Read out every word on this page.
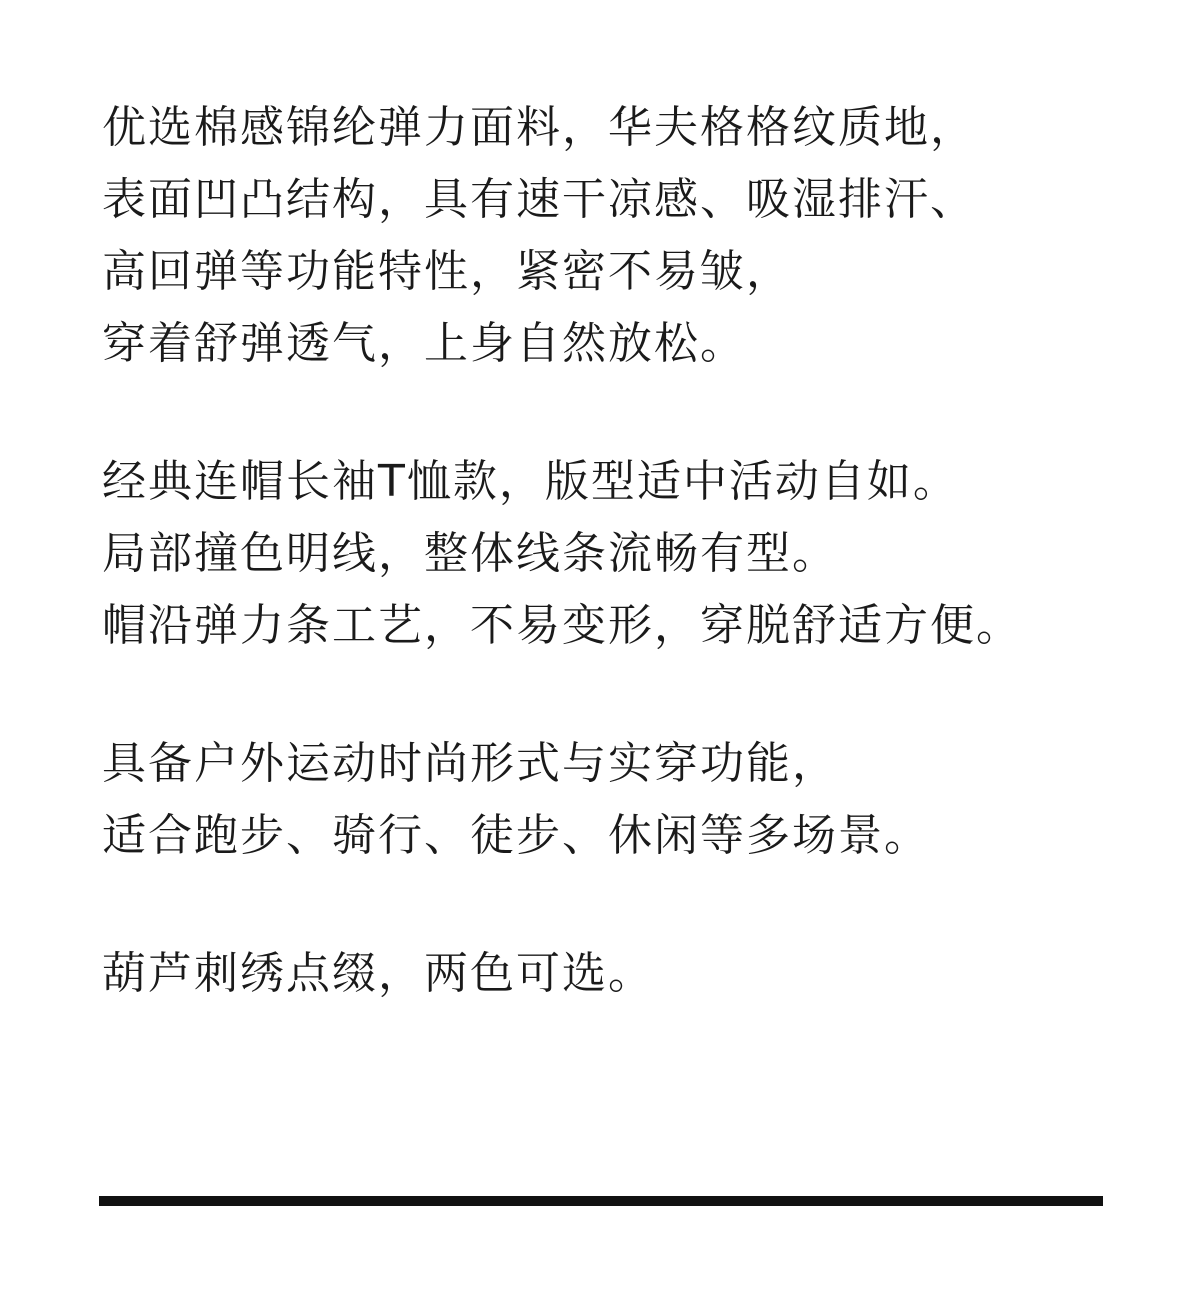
优选棉感锦纶弹力面料，华夫格格纹质地，
表面凹凸结构，具有速干凉感、吸湿排汗、
高回弹等功能特性，紧密不易皱，
穿着舒弹透气，上身自然放松。
经典连帽长袖T恤款，版型适中活动自如。
局部撞色明线，整体线条流畅有型。
帽沿弹力条工艺，不易变形，穿脱舒适方便。
具备户外运动时尚形式与实穿功能，
适合跑步、骑行、徒步、休闲等多场景。
葫芦刺绣点缀，两色可选。
